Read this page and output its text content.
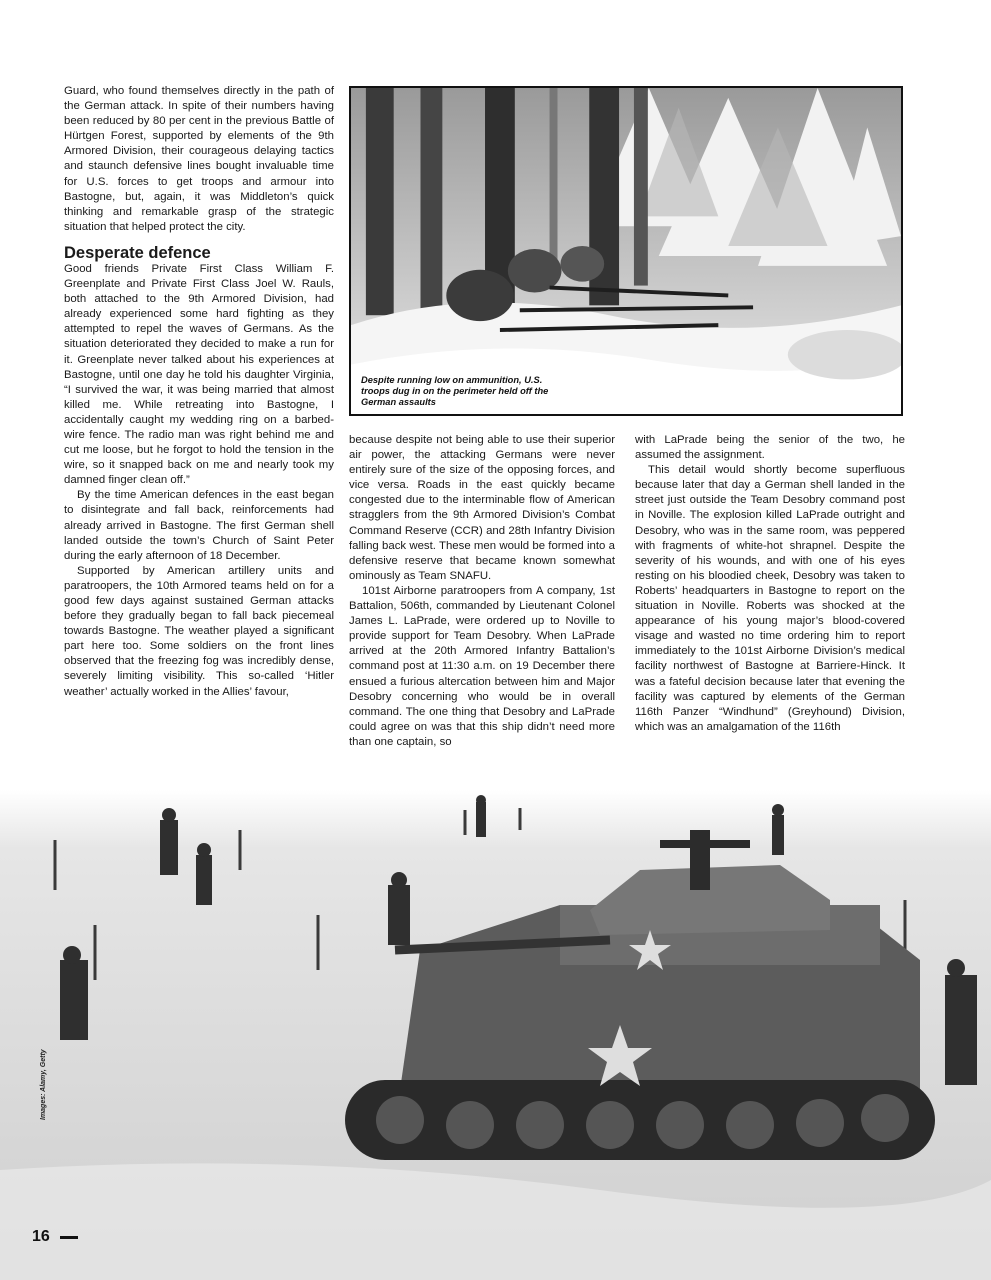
Guard, who found themselves directly in the path of the German attack. In spite of their numbers having been reduced by 80 per cent in the previous Battle of Hürtgen Forest, supported by elements of the 9th Armored Division, their courageous delaying tactics and staunch defensive lines bought invaluable time for U.S. forces to get troops and armour into Bastogne, but, again, it was Middleton’s quick thinking and remarkable grasp of the strategic situation that helped protect the city.

Desperate defence

Good friends Private First Class William F. Greenplate and Private First Class Joel W. Rauls, both attached to the 9th Armored Division, had already experienced some hard fighting as they attempted to repel the waves of Germans. As the situation deteriorated they decided to make a run for it. Greenplate never talked about his experiences at Bastogne, until one day he told his daughter Virginia, “I survived the war, it was being married that almost killed me. While retreating into Bastogne, I accidentally caught my wedding ring on a barbed-wire fence. The radio man was right behind me and cut me loose, but he forgot to hold the tension in the wire, so it snapped back on me and nearly took my damned finger clean off.”

By the time American defences in the east began to disintegrate and fall back, reinforcements had already arrived in Bastogne. The first German shell landed outside the town’s Church of Saint Peter during the early afternoon of 18 December.

Supported by American artillery units and paratroopers, the 10th Armored teams held on for a good few days against sustained German attacks before they gradually began to fall back piecemeal towards Bastogne. The weather played a significant part here too. Some soldiers on the front lines observed that the freezing fog was incredibly dense, severely limiting visibility. This so-called ‘Hitler weather’ actually worked in the Allies’ favour,

Despite running low on ammunition, U.S. troops dug in on the perimeter held off the German assaults

because despite not being able to use their superior air power, the attacking Germans were never entirely sure of the size of the opposing forces, and vice versa. Roads in the east quickly became congested due to the interminable flow of American stragglers from the 9th Armored Division’s Combat Command Reserve (CCR) and 28th Infantry Division falling back west. These men would be formed into a defensive reserve that became known somewhat ominously as Team SNAFU.

101st Airborne paratroopers from A company, 1st Battalion, 506th, commanded by Lieutenant Colonel James L. LaPrade, were ordered up to Noville to provide support for Team Desobry. When LaPrade arrived at the 20th Armored Infantry Battalion’s command post at 11:30 a.m. on 19 December there ensued a furious altercation between him and Major Desobry concerning who would be in overall command. The one thing that Desobry and LaPrade could agree on was that this ship didn’t need more than one captain, so

with LaPrade being the senior of the two, he assumed the assignment.

This detail would shortly become superfluous because later that day a German shell landed in the street just outside the Team Desobry command post in Noville. The explosion killed LaPrade outright and Desobry, who was in the same room, was peppered with fragments of white-hot shrapnel. Despite the severity of his wounds, and with one of his eyes resting on his bloodied cheek, Desobry was taken to Roberts’ headquarters in Bastogne to report on the situation in Noville. Roberts was shocked at the appearance of his young major’s blood-covered visage and wasted no time ordering him to report immediately to the 101st Airborne Division’s medical facility northwest of Bastogne at Barriere-Hinck. It was a fateful decision because later that evening the facility was captured by elements of the German 116th Panzer “Windhund” (Greyhound) Division, which was an amalgamation of the 116th

Images: Alamy, Getty
16
